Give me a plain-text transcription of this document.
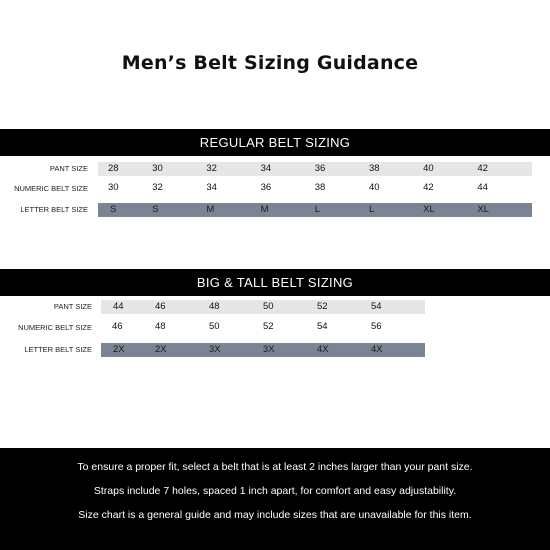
Men’s Belt Sizing Guidance
REGULAR BELT SIZING
PANT SIZE	28	30	32	34	36	38	40	42
NUMERIC BELT SIZE	30	32	34	36	38	40	42	44
LETTER BELT SIZE	S	S	M	M	L	L	XL	XL
BIG & TALL BELT SIZING
PANT SIZE	44	46	48	50	52	54
NUMERIC BELT SIZE	46	48	50	52	54	56
LETTER BELT SIZE	2X	2X	3X	3X	4X	4X
To ensure a proper fit, select a belt that is at least 2 inches larger than your pant size.
Straps include 7 holes, spaced 1 inch apart, for comfort and easy adjustability.
Size chart is a general guide and may include sizes that are unavailable for this item.
